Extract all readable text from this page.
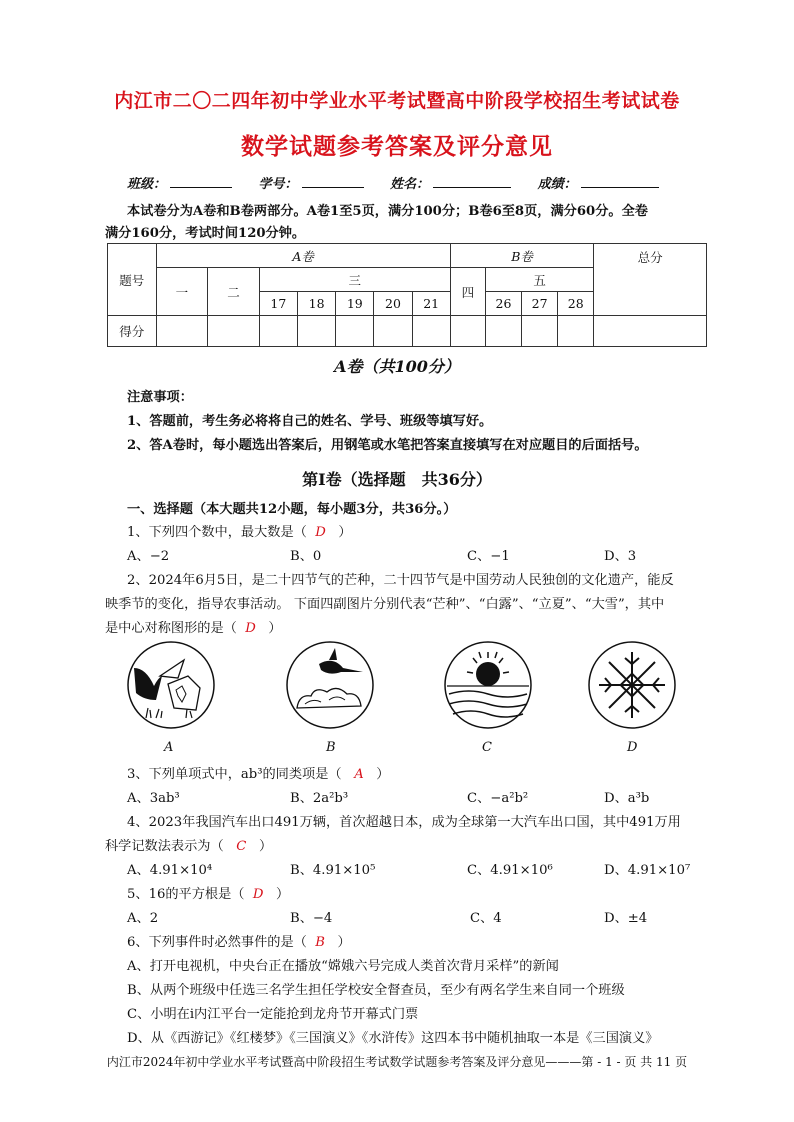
内江市二〇二四年初中学业水平考试暨高中阶段学校招生考试试卷
数学试题参考答案及评分意见
班级：	学号：	姓名：	成绩：
本试卷分为A卷和B卷两部分。A卷1至5页，满分100分；B卷6至8页，满分60分。全卷
满分160分，考试时间120分钟。
题号	A卷							B卷				总分
	一	二	三					四	五			
			17	18	19	20	21		26	27	28	
得分												
A卷（共100分）
注意事项：
1、答题前，考生务必将将自己的姓名、学号、班级等填写好。
2、答A卷时，每小题选出答案后，用钢笔或水笔把答案直接填写在对应题目的后面括号。
第Ⅰ卷（选择题　共36分）
一、选择题（本大题共12小题，每小题3分，共36分。）
1、下列四个数中，最大数是（ D ）
A、−2	B、0	C、−1	D、3
2、2024年6月5日，是二十四节气的芒种，二十四节气是中国劳动人民独创的文化遗产，能反
映季节的变化，指导农事活动。 下面四副图片分别代表“芒种”、“白露”、“立夏”、“大雪”，其中
是中心对称图形的是（ D ）
A	B	C	D
3、下列单项式中，ab³的同类项是（ A ）
A、3ab³	B、2a²b³	C、−a²b²	D、a³b
4、2023年我国汽车出口491万辆，首次超越日本，成为全球第一大汽车出口国，其中491万用
科学记数法表示为（ C ）
A、4.91×10⁴	B、4.91×10⁵	C、4.91×10⁶	D、4.91×10⁷
5、16的平方根是（ D ）
A、2	B、−4	C、4	D、±4
6、下列事件时必然事件的是（ B ）
A、打开电视机，中央台正在播放“嫦娥六号完成人类首次背月采样”的新闻
B、从两个班级中任选三名学生担任学校安全督查员，至少有两名学生来自同一个班级
C、小明在i内江平台一定能抢到龙舟节开幕式门票
D、从《西游记》《红楼梦》《三国演义》《水浒传》这四本书中随机抽取一本是《三国演义》
内江市2024年初中学业水平考试暨高中阶段招生考试数学试题参考答案及评分意见———第 - 1 - 页 共 11 页
